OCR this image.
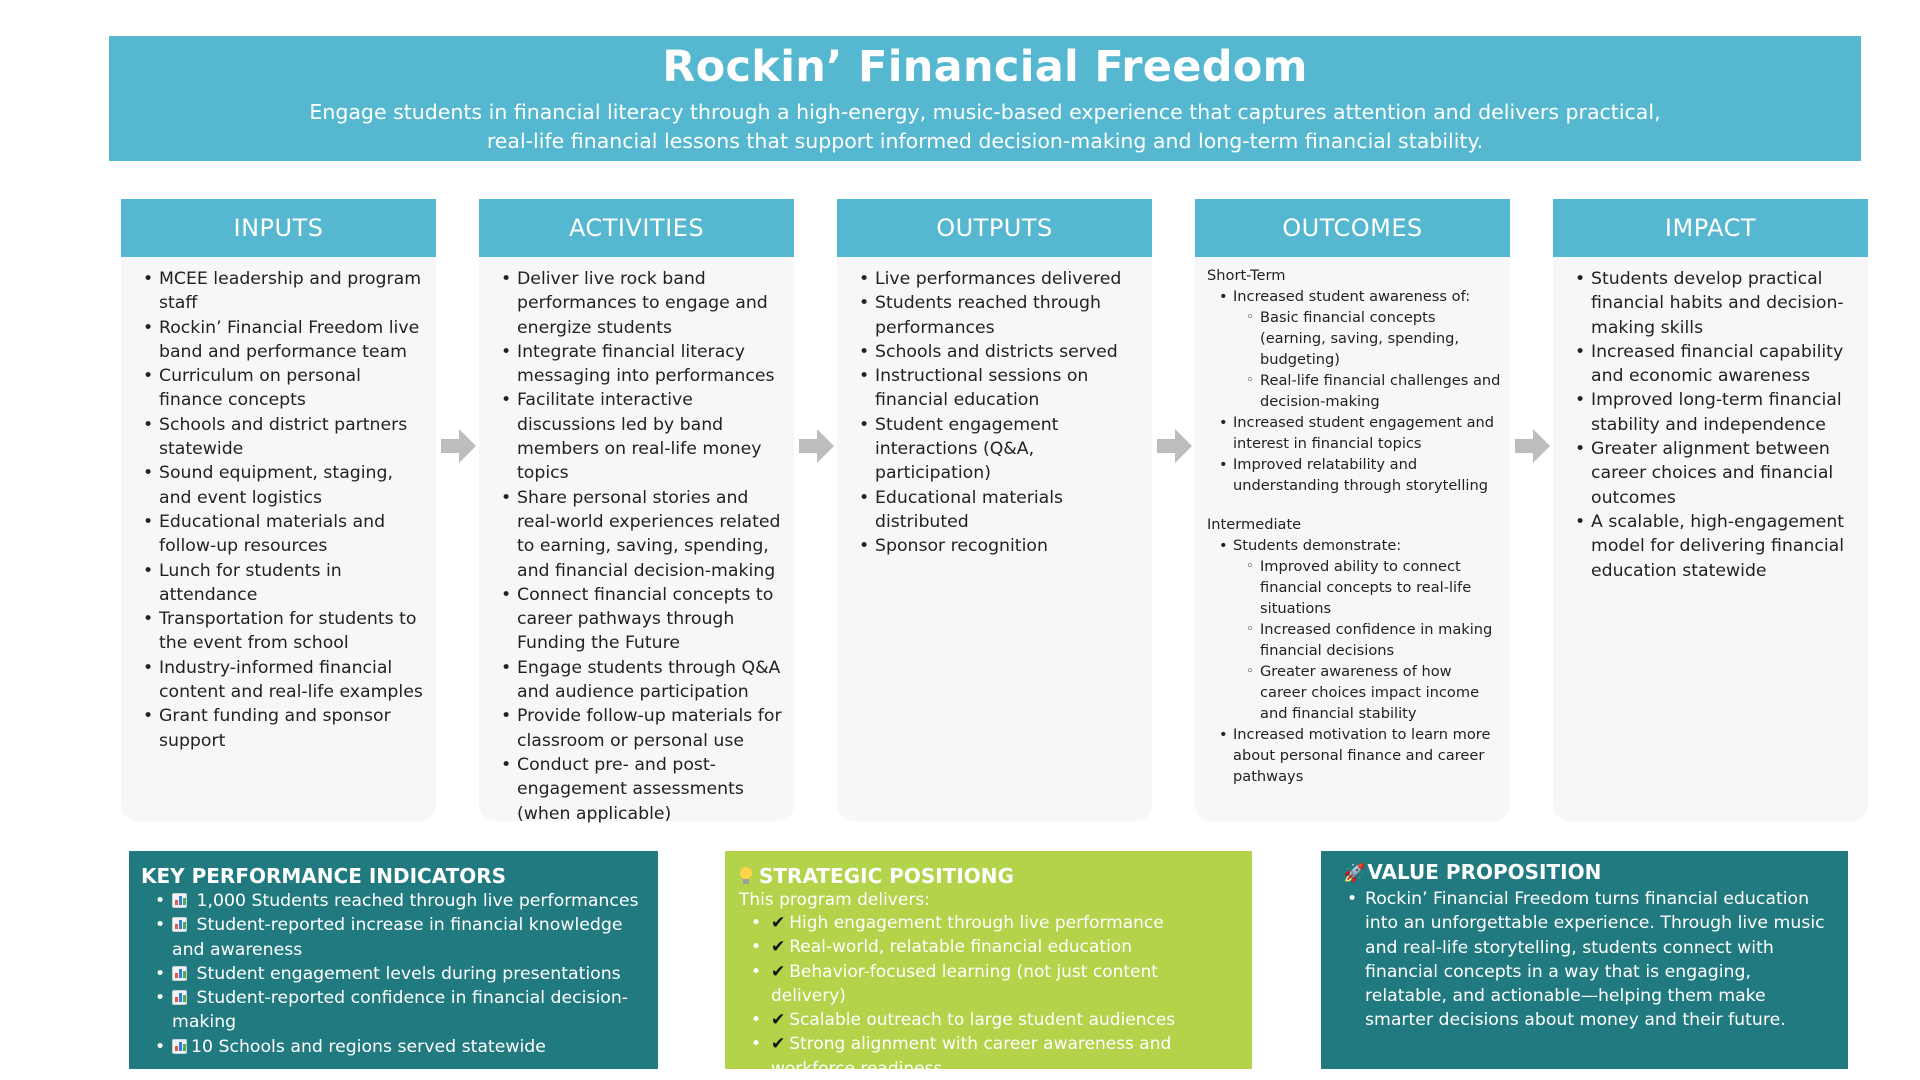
Rockin’ Financial Freedom
Engage students in financial literacy through a high-energy, music-based experience that captures attention and delivers practical, real-life financial lessons that support informed decision-making and long-term financial stability.
INPUTS
• MCEE leadership and program staff
• Rockin’ Financial Freedom live band and performance team
• Curriculum on personal finance concepts
• Schools and district partners statewide
• Sound equipment, staging, and event logistics
• Educational materials and follow-up resources
• Lunch for students in attendance
• Transportation for students to the event from school
• Industry-informed financial content and real-life examples
• Grant funding and sponsor support
ACTIVITIES
• Deliver live rock band performances to engage and energize students
• Integrate financial literacy messaging into performances
• Facilitate interactive discussions led by band members on real-life money topics
• Share personal stories and real-world experiences related to earning, saving, spending, and financial decision-making
• Connect financial concepts to career pathways through Funding the Future
• Engage students through Q&A and audience participation
• Provide follow-up materials for classroom or personal use
• Conduct pre- and post-engagement assessments (when applicable)
OUTPUTS
• Live performances delivered
• Students reached through performances
• Schools and districts served
• Instructional sessions on financial education
• Student engagement interactions (Q&A, participation)
• Educational materials distributed
• Sponsor recognition
OUTCOMES
Short-Term
• Increased student awareness of:
◦ Basic financial concepts (earning, saving, spending, budgeting)
◦ Real-life financial challenges and decision-making
• Increased student engagement and interest in financial topics
• Improved relatability and understanding through storytelling
Intermediate
• Students demonstrate:
◦ Improved ability to connect financial concepts to real-life situations
◦ Increased confidence in making financial decisions
◦ Greater awareness of how career choices impact income and financial stability
• Increased motivation to learn more about personal finance and career pathways
IMPACT
• Students develop practical financial habits and decision-making skills
• Increased financial capability and economic awareness
• Improved long-term financial stability and independence
• Greater alignment between career choices and financial outcomes
• A scalable, high-engagement model for delivering financial education statewide
KEY PERFORMANCE INDICATORS
• 1,000 Students reached through live performances
• Student-reported increase in financial knowledge and awareness
• Student engagement levels during presentations
• Student-reported confidence in financial decision-making
• 10 Schools and regions served statewide
STRATEGIC POSITIONG
This program delivers:
• ✔ High engagement through live performance
• ✔ Real-world, relatable financial education
• ✔ Behavior-focused learning (not just content delivery)
• ✔ Scalable outreach to large student audiences
• ✔ Strong alignment with career awareness and workforce readiness
🚀 VALUE PROPOSITION
• Rockin’ Financial Freedom turns financial education into an unforgettable experience. Through live music and real-life storytelling, students connect with financial concepts in a way that is engaging, relatable, and actionable—helping them make smarter decisions about money and their future.
